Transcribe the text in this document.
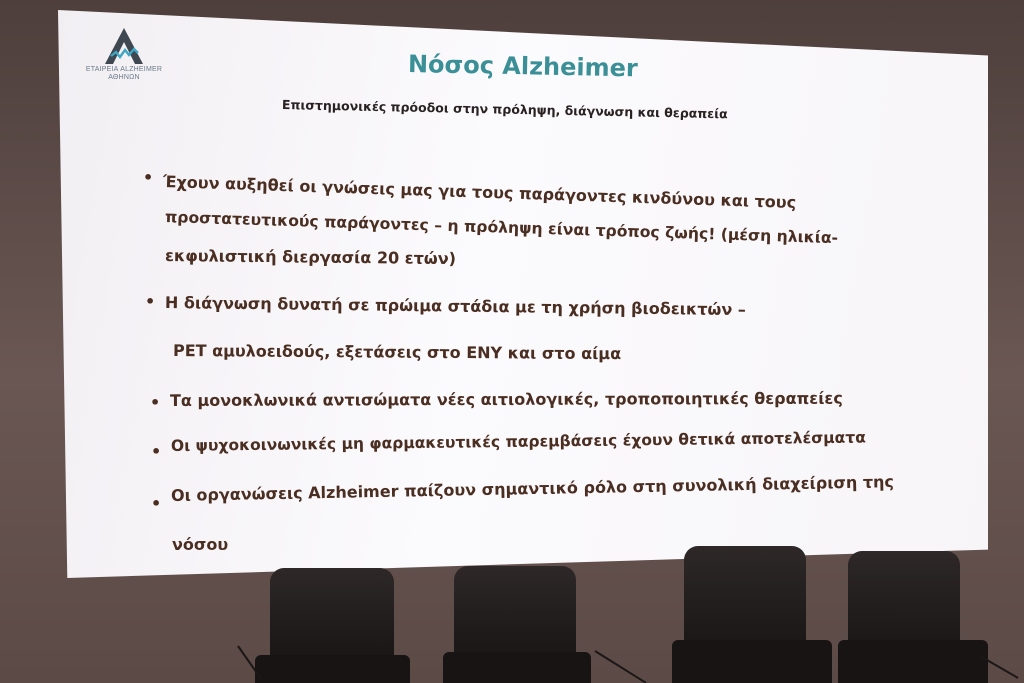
ΕΤΑΙΡΕΙΑ ALZHEIMER
ΑΘΗΝΩΝ	Νόσος Alzheimer
Επιστημονικές πρόοδοι στην πρόληψη, διάγνωση και θεραπεία
• Έχουν αυξηθεί οι γνώσεις μας για τους παράγοντες κινδύνου και τους
προστατευτικούς παράγοντες – η πρόληψη είναι τρόπος ζωής! (μέση ηλικία-
εκφυλιστική διεργασία 20 ετών)
• Η διάγνωση δυνατή σε πρώιμα στάδια με τη χρήση βιοδεικτών –
PET αμυλοειδούς, εξετάσεις στο ΕΝΥ και στο αίμα
• Τα μονοκλωνικά αντισώματα νέες αιτιολογικές, τροποποιητικές θεραπείες
• Οι ψυχοκοινωνικές μη φαρμακευτικές παρεμβάσεις έχουν θετικά αποτελέσματα
• Οι οργανώσεις Alzheimer παίζουν σημαντικό ρόλο στη συνολική διαχείριση της
νόσου
